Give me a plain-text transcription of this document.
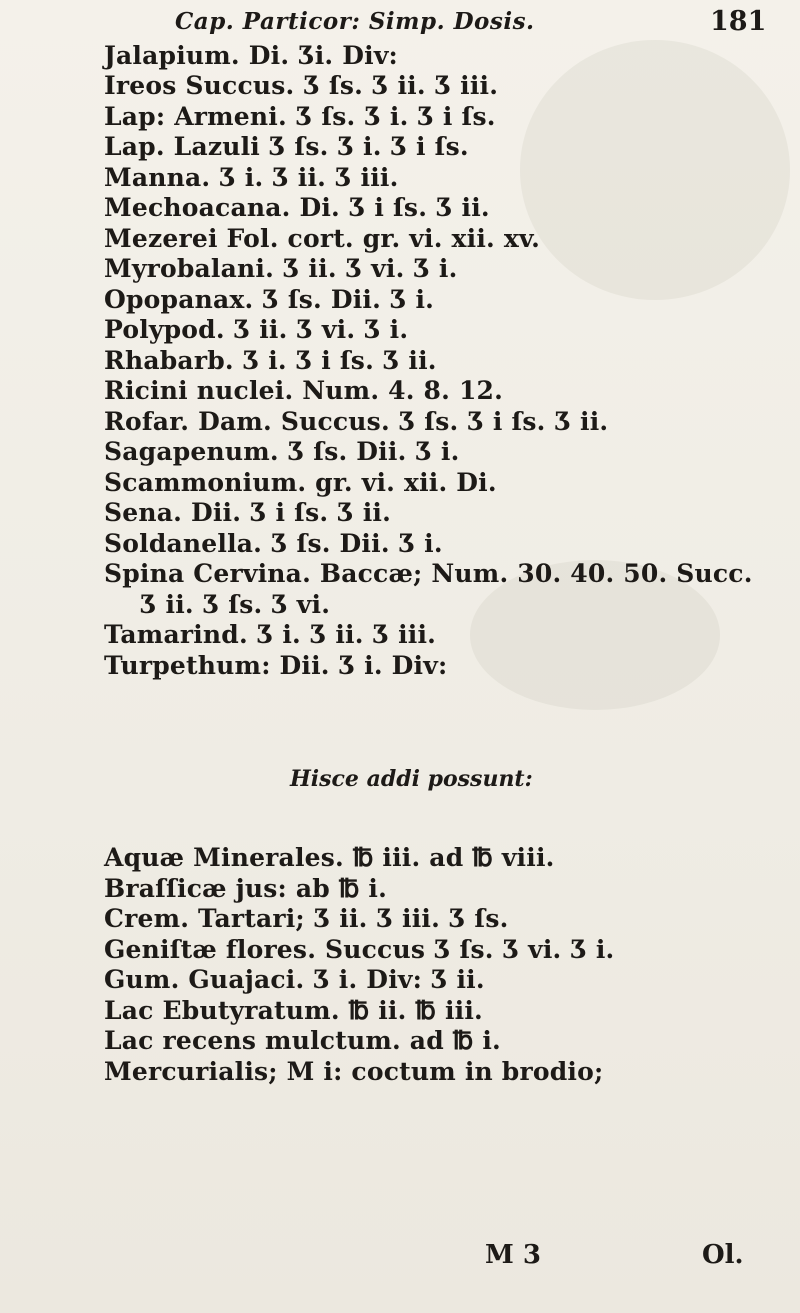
Cap. Particor: Simp. Dosis.	181
Jalapium. Di. Ʒi. Div:
Ireos Succus. Ʒ ſs. Ʒ ii. Ʒ iii.
Lap: Armeni. Ʒ ſs. Ʒ i. Ʒ i ſs.
Lap. Lazuli Ʒ ſs. Ʒ i. Ʒ i ſs.
Manna. Ʒ i. Ʒ ii. Ʒ iii.
Mechoacana. Di. Ʒ i ſs. Ʒ ii.
Mezerei Fol. cort. gr. vi. xii. xv.
Myrobalani. Ʒ ii. Ʒ vi. Ʒ i.
Opopanax. Ʒ ſs. Dii. Ʒ i.
Polypod. Ʒ ii. Ʒ vi. Ʒ i.
Rhabarb. Ʒ i. Ʒ i ſs. Ʒ ii.
Ricini nuclei. Num. 4. 8. 12.
Rofar. Dam. Succus. Ʒ ſs. Ʒ i ſs. Ʒ ii.
Sagapenum. Ʒ ſs. Dii. Ʒ i.
Scammonium. gr. vi. xii. Di.
Sena. Dii. Ʒ i ſs. Ʒ ii.
Soldanella. Ʒ ſs. Dii. Ʒ i.
Spina Cervina. Baccæ; Num. 30. 40. 50. Succ.
Ʒ ii. Ʒ ſs. Ʒ vi.
Tamarind. Ʒ i. Ʒ ii. Ʒ iii.
Turpethum: Dii. Ʒ i. Div:
Hisce addi possunt:
Aquæ Minerales. ℔ iii. ad ℔ viii.
Braſſicæ jus: ab ℔ i.
Crem. Tartari; Ʒ ii. Ʒ iii. Ʒ ſs.
Geniſtæ flores. Succus Ʒ ſs. Ʒ vi. Ʒ i.
Gum. Guajaci. Ʒ i. Div: Ʒ ii.
Lac Ebutyratum. ℔ ii. ℔ iii.
Lac recens mulctum. ad ℔ i.
Mercurialis; M i: coctum in brodio;
M 3	Ol.
